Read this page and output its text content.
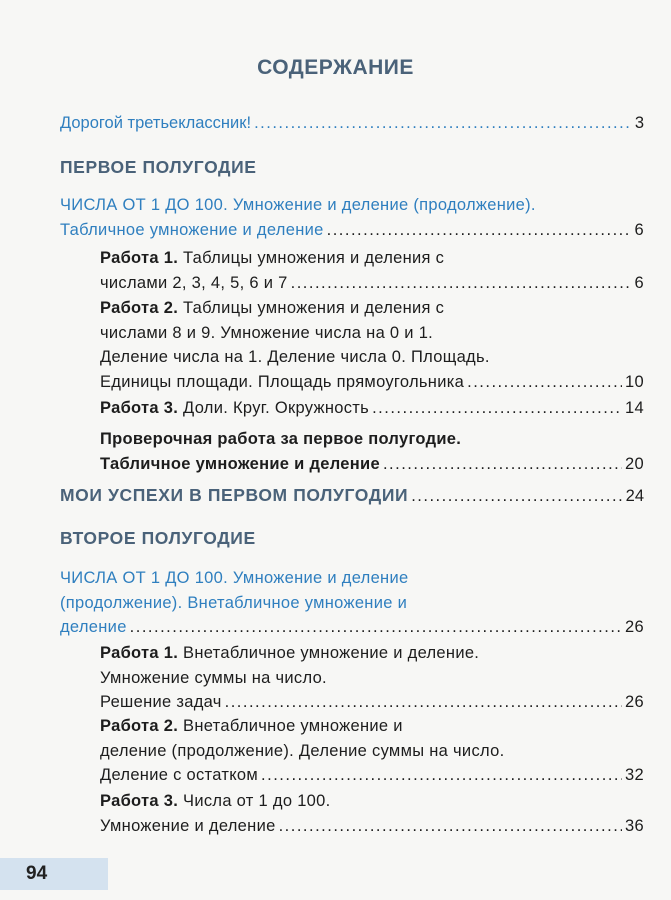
СОДЕРЖАНИЕ
Дорогой третьеклассник! .....	3
ПЕРВОЕ ПОЛУГОДИЕ
ЧИСЛА ОТ 1 ДО 100. Умножение и деление (продолжение).
Табличное умножение и деление .....	6
Работа 1.
Таблицы умножения и деления с
числами 2, 3, 4, 5, 6 и 7 .....	6
Работа 2.
Таблицы умножения и деления с
числами 8 и 9. Умножение числа на 0 и 1.
Деление числа на 1. Деление числа 0. Площадь.
Единицы площади. Площадь прямоугольника .....	10
Работа 3.
Доли. Круг. Окружность .....	14
Проверочная работа за первое полугодие.
Табличное умножение и деление .....	20
МОИ УСПЕХИ В ПЕРВОМ ПОЛУГОДИИ .....	24
ВТОРОЕ ПОЛУГОДИЕ
ЧИСЛА ОТ 1 ДО 100. Умножение и деление
(продолжение). Внетабличное умножение и
деление .....	26
Работа 1.
Внетабличное умножение и деление.
Умножение суммы на число.
Решение задач .....	26
Работа 2.
Внетабличное умножение и
деление (продолжение). Деление суммы на число.
Деление с остатком .....	32
Работа 3.
Числа от 1 до 100.
Умножение и деление .....	36
94
